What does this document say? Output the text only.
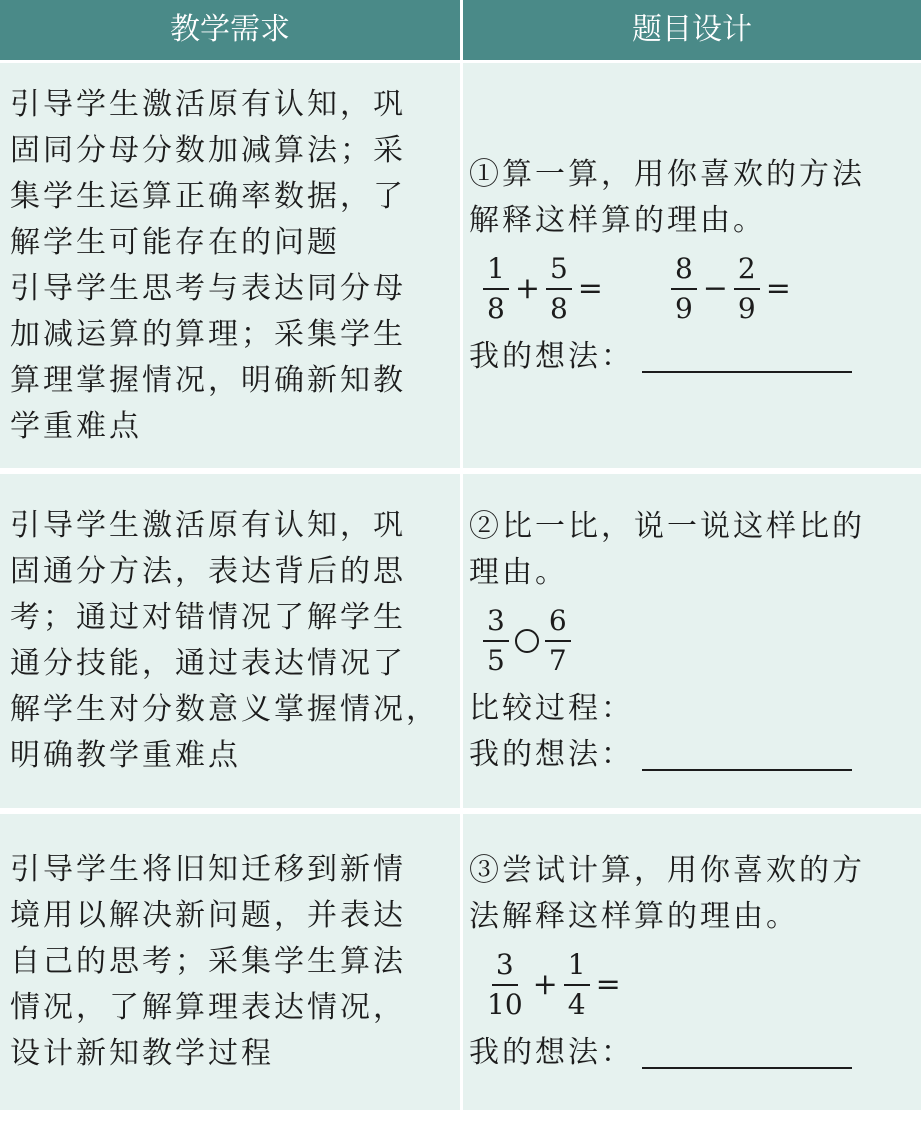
教学需求	题目设计
引导学生激活原有认知，巩
固同分母分数加减算法；采
集学生运算正确率数据，了
解学生可能存在的问题
引导学生思考与表达同分母
加减运算的算理；采集学生
算理掌握情况，明确新知教
学重难点
①算一算，用你喜欢的方法
解释这样算的理由。
$\frac{1}{8} + \frac{5}{8} = \frac{8}{9} - \frac{2}{9}$ =
我的想法：
引导学生激活原有认知，巩
固通分方法，表达背后的思
考；通过对错情况了解学生
通分技能，通过表达情况了
解学生对分数意义掌握情况，
明确教学重难点
②比一比，说一说这样比的
理由。
$\frac{3}{5} \frac{6}{7}$
比较过程：
我的想法：
引导学生将旧知迁移到新情
境用以解决新问题，并表达
自己的思考；采集学生算法
情况，了解算理表达情况，
设计新知教学过程
③尝试计算，用你喜欢的方
法解释这样算的理由。
$\frac{3}{10} + \frac{1}{4}$ =
我的想法：
